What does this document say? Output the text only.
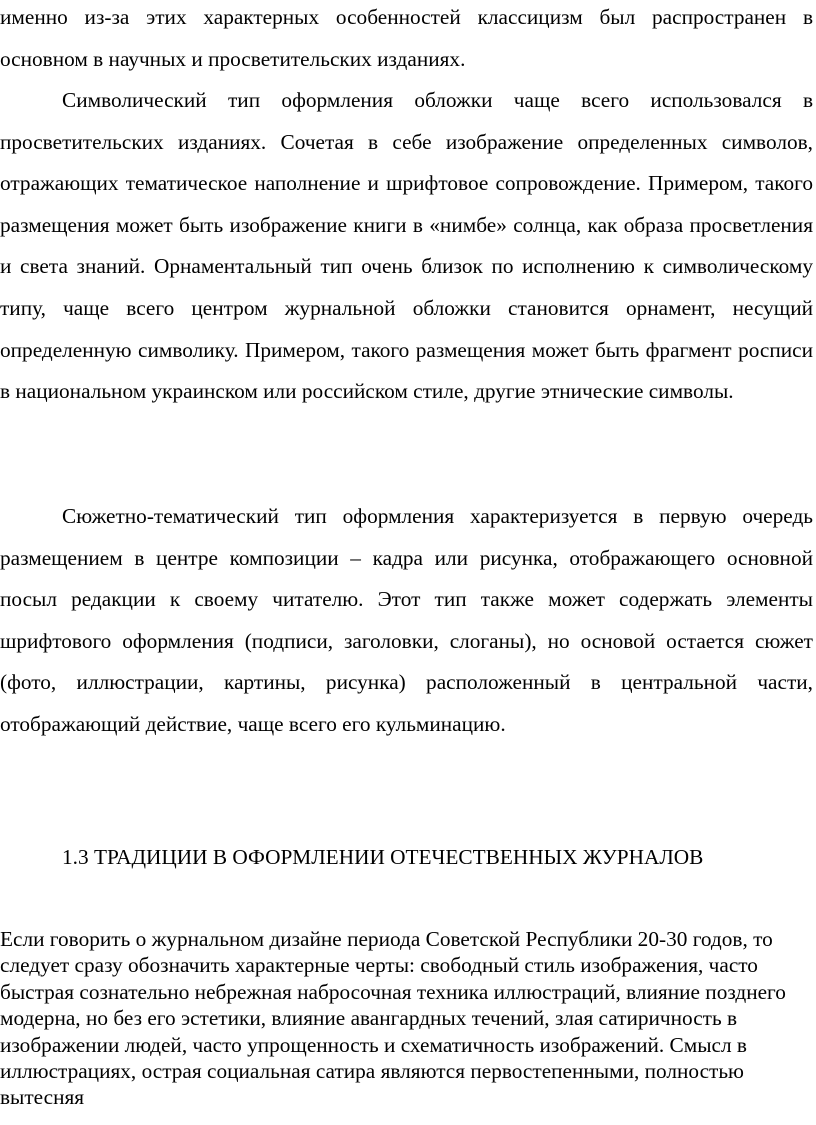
именно из-за этих характерных особенностей классицизм был распространен в основном в научных и просветительских изданиях.

Символический тип оформления обложки чаще всего использовался в просветительских изданиях. Сочетая в себе изображение определенных символов, отражающих тематическое наполнение и шрифтовое сопровождение. Примером, такого размещения может быть изображение книги в «нимбе» солнца, как образа просветления и света знаний. Орнаментальный тип очень близок по исполнению к символическому типу, чаще всего центром журнальной обложки становится орнамент, несущий определенную символику. Примером, такого размещения может быть фрагмент росписи в национальном украинском или российском стиле, другие этнические символы.

Сюжетно-тематический тип оформления характеризуется в первую очередь размещением в центре композиции – кадра или рисунка, отображающего основной посыл редакции к своему читателю. Этот тип также может содержать элементы шрифтового оформления (подписи, заголовки, слоганы), но основой остается сюжет (фото, иллюстрации, картины, рисунка) расположенный в центральной части, отображающий действие, чаще всего его кульминацию.

1.3 ТРАДИЦИИ В ОФОРМЛЕНИИ ОТЕЧЕСТВЕННЫХ ЖУРНАЛОВ

Если говорить о журнальном дизайне периода Советской Республики 20-30 годов, то следует сразу обозначить характерные черты: свободный стиль изображения, часто быстрая сознательно небрежная набросочная техника иллюстраций, влияние позднего модерна, но без его эстетики, влияние авангардных течений, злая сатиричность в изображении людей, часто упрощенность и схематичность изображений. Смысл в иллюстрациях, острая социальная сатира являются первостепенными, полностью вытесняя
